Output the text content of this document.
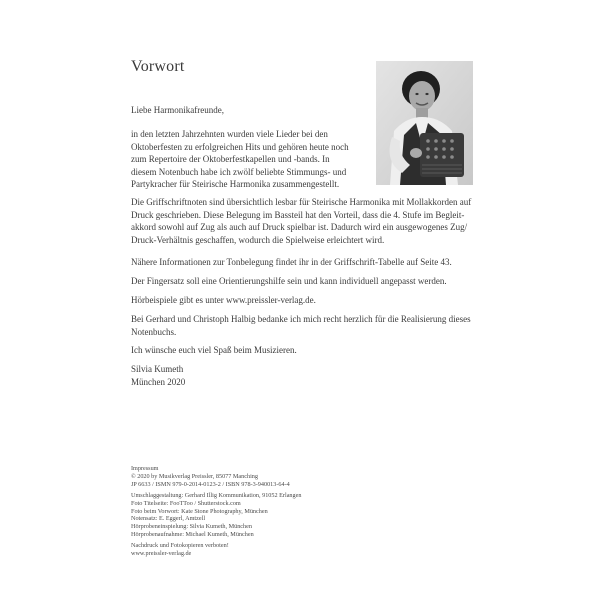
Vorwort

Liebe Harmonikafreunde,

in den letzten Jahrzehnten wurden viele Lieder bei den
Oktoberfesten zu erfolgreichen Hits und gehören heute noch
zum Repertoire der Oktoberfestkapellen und -bands. In
diesem Notenbuch habe ich zwölf beliebte Stimmungs- und
Partykracher für Steirische Harmonika zusammengestellt.

Die Griffschriftnoten sind übersichtlich lesbar für Steirische Harmonika mit Mollakkorden auf
Druck geschrieben. Diese Belegung im Bassteil hat den Vorteil, dass die 4. Stufe im Begleit-
akkord sowohl auf Zug als auch auf Druck spielbar ist. Dadurch wird ein ausgewogenes Zug/
Druck-Verhältnis geschaffen, wodurch die Spielweise erleichtert wird.

Nähere Informationen zur Tonbelegung findet ihr in der Griffschrift-Tabelle auf Seite 43.

Der Fingersatz soll eine Orientierungshilfe sein und kann individuell angepasst werden.

Hörbeispiele gibt es unter www.preissler-verlag.de.

Bei Gerhard und Christoph Halbig bedanke ich mich recht herzlich für die Realisierung dieses
Notenbuchs.

Ich wünsche euch viel Spaß beim Musizieren.

Silvia Kumeth
München 2020

Impressum
© 2020 by Musikverlag Preissler, 85077 Manching
JP 6633 / ISMN 979-0-2014-0123-2 / ISBN 978-3-940013-64-4
Umschlaggestaltung: Gerhard Illig Kommunikation, 91052 Erlangen
Foto Titelseite: FooTToo / Shutterstock.com
Foto beim Vorwort: Kate Stone Photography, München
Notensatz: E. Eggerl, Amtzell
Hörprobeneinspielung: Silvia Kumeth, München
Hörprobenaufnahme: Michael Kumeth, München
Nachdruck und Fotokopieren verboten!
www.preissler-verlag.de
